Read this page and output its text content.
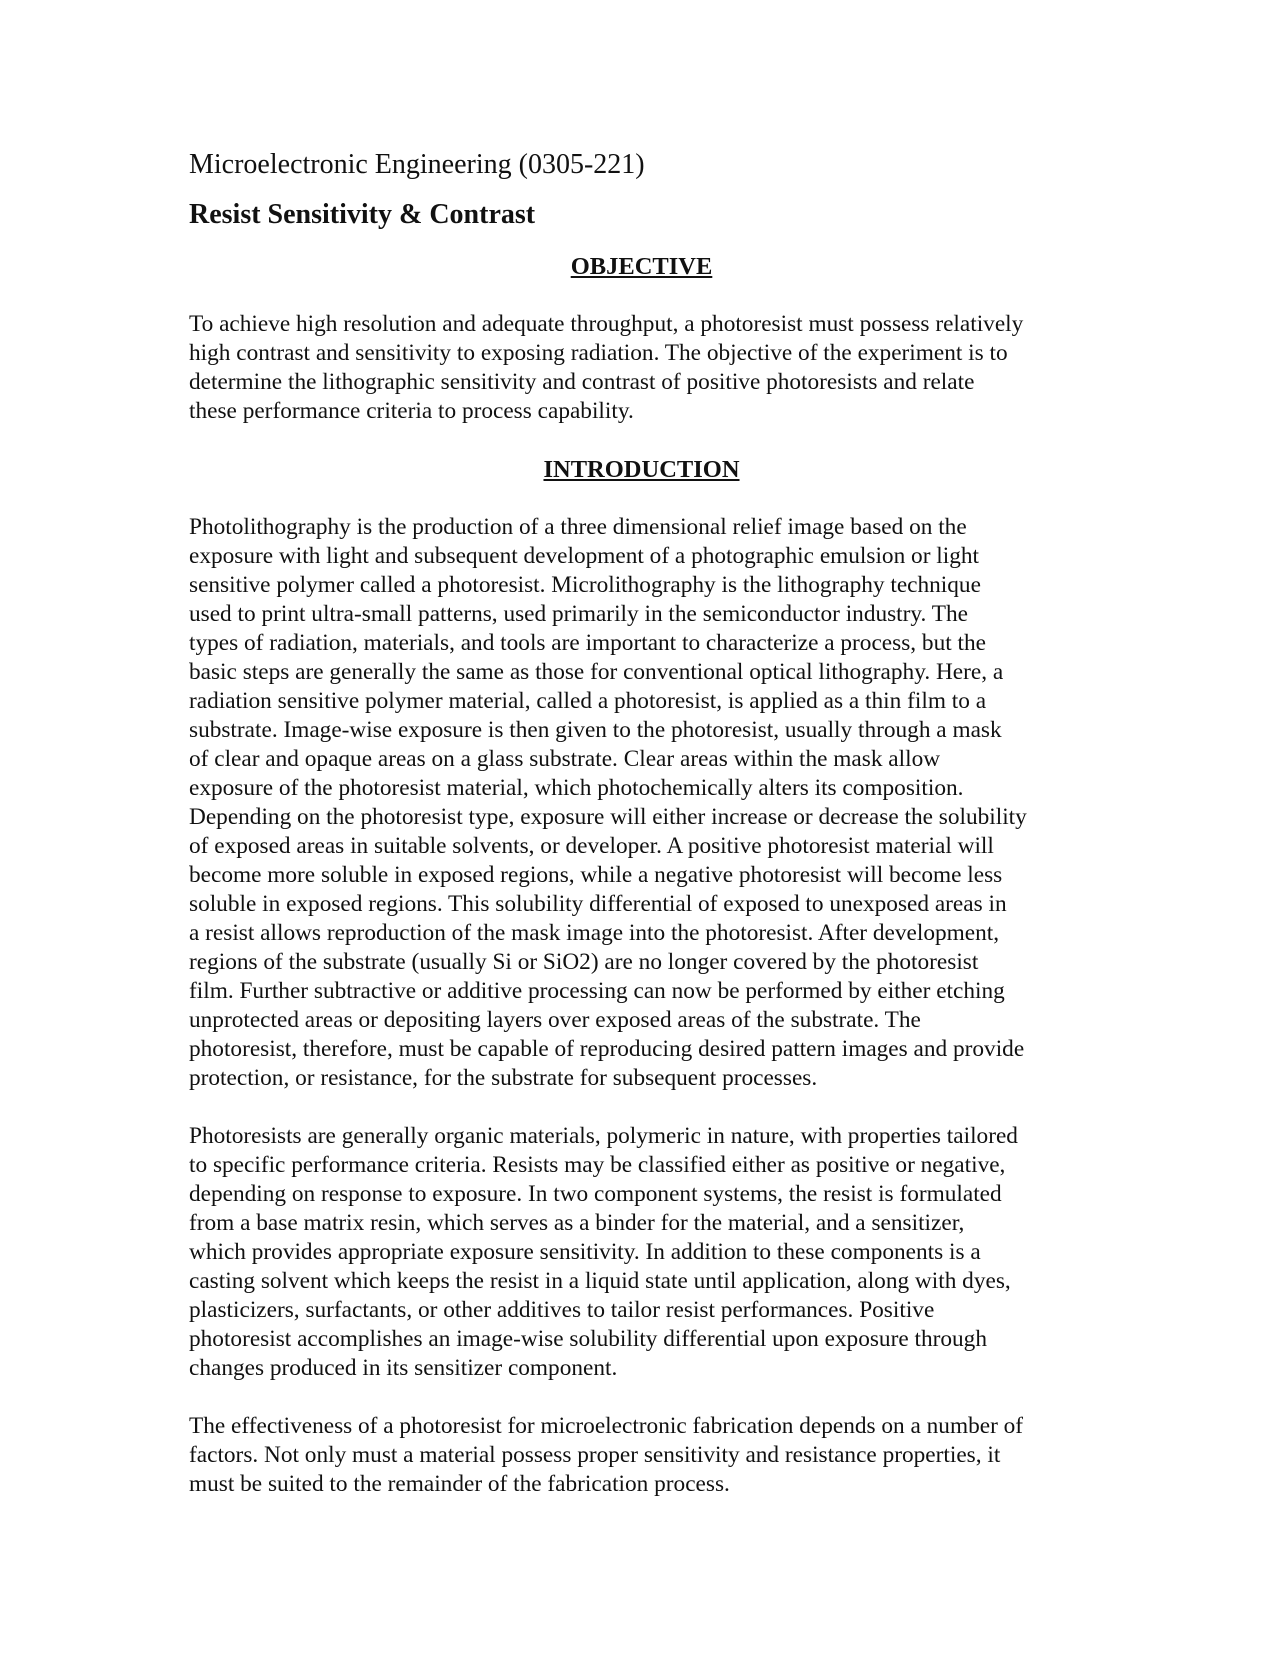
Microelectronic Engineering (0305-221)
Resist Sensitivity & Contrast
OBJECTIVE
To achieve high resolution and adequate throughput, a photoresist must possess relatively
high contrast and sensitivity to exposing radiation. The objective of the experiment is to
determine the lithographic sensitivity and contrast of positive photoresists and relate
these performance criteria to process capability.
INTRODUCTION
Photolithography is the production of a three dimensional relief image based on the
exposure with light and subsequent development of a photographic emulsion or light
sensitive polymer called a photoresist. Microlithography is the lithography technique
used to print ultra-small patterns, used primarily in the semiconductor industry. The
types of radiation, materials, and tools are important to characterize a process, but the
basic steps are generally the same as those for conventional optical lithography. Here, a
radiation sensitive polymer material, called a photoresist, is applied as a thin film to a
substrate. Image-wise exposure is then given to the photoresist, usually through a mask
of clear and opaque areas on a glass substrate. Clear areas within the mask allow
exposure of the photoresist material, which photochemically alters its composition.
Depending on the photoresist type, exposure will either increase or decrease the solubility
of exposed areas in suitable solvents, or developer. A positive photoresist material will
become more soluble in exposed regions, while a negative photoresist will become less
soluble in exposed regions. This solubility differential of exposed to unexposed areas in
a resist allows reproduction of the mask image into the photoresist. After development,
regions of the substrate (usually Si or SiO2) are no longer covered by the photoresist
film. Further subtractive or additive processing can now be performed by either etching
unprotected areas or depositing layers over exposed areas of the substrate. The
photoresist, therefore, must be capable of reproducing desired pattern images and provide
protection, or resistance, for the substrate for subsequent processes.
Photoresists are generally organic materials, polymeric in nature, with properties tailored
to specific performance criteria. Resists may be classified either as positive or negative,
depending on response to exposure. In two component systems, the resist is formulated
from a base matrix resin, which serves as a binder for the material, and a sensitizer,
which provides appropriate exposure sensitivity. In addition to these components is a
casting solvent which keeps the resist in a liquid state until application, along with dyes,
plasticizers, surfactants, or other additives to tailor resist performances. Positive
photoresist accomplishes an image-wise solubility differential upon exposure through
changes produced in its sensitizer component.
The effectiveness of a photoresist for microelectronic fabrication depends on a number of
factors. Not only must a material possess proper sensitivity and resistance properties, it
must be suited to the remainder of the fabrication process.
